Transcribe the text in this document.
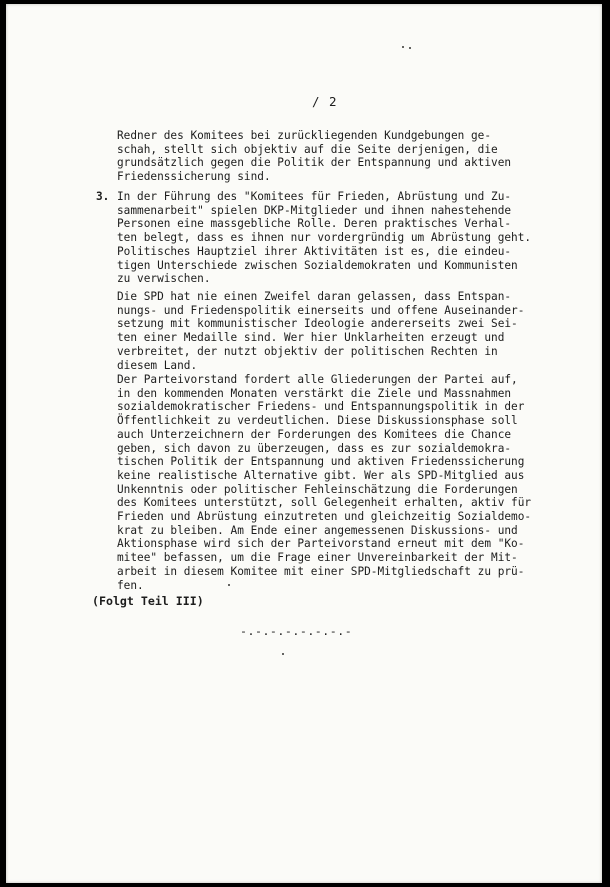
/ 2
Redner des Komitees bei zurückliegenden Kundgebungen ge-
schah, stellt sich objektiv auf die Seite derjenigen, die
grundsätzlich gegen die Politik der Entspannung und aktiven
Friedenssicherung sind.
3. In der Führung des "Komitees für Frieden, Abrüstung und Zu-
sammenarbeit" spielen DKP-Mitglieder und ihnen nahestehende
Personen eine massgebliche Rolle. Deren praktisches Verhal-
ten belegt, dass es ihnen nur vordergründig um Abrüstung geht.
Politisches Hauptziel ihrer Aktivitäten ist es, die eindeu-
tigen Unterschiede zwischen Sozialdemokraten und Kommunisten
zu verwischen.
Die SPD hat nie einen Zweifel daran gelassen, dass Entspan-
nungs- und Friedenspolitik einerseits und offene Auseinander-
setzung mit kommunistischer Ideologie andererseits zwei Sei-
ten einer Medaille sind. Wer hier Unklarheiten erzeugt und
verbreitet, der nutzt objektiv der politischen Rechten in
diesem Land.
Der Parteivorstand fordert alle Gliederungen der Partei auf,
in den kommenden Monaten verstärkt die Ziele und Massnahmen
sozialdemokratischer Friedens- und Entspannungspolitik in der
Öffentlichkeit zu verdeutlichen. Diese Diskussionsphase soll
auch Unterzeichnern der Forderungen des Komitees die Chance
geben, sich davon zu überzeugen, dass es zur sozialdemokra-
tischen Politik der Entspannung und aktiven Friedenssicherung
keine realistische Alternative gibt. Wer als SPD-Mitglied aus
Unkenntnis oder politischer Fehleinschätzung die Forderungen
des Komitees unterstützt, soll Gelegenheit erhalten, aktiv für
Frieden und Abrüstung einzutreten und gleichzeitig Sozialdemo-
krat zu bleiben. Am Ende einer angemessenen Diskussions- und
Aktionsphase wird sich der Parteivorstand erneut mit dem "Ko-
mitee" befassen, um die Frage einer Unvereinbarkeit der Mit-
arbeit in diesem Komitee mit einer SPD-Mitgliedschaft zu prü-
fen.
(Folgt Teil III)
-.-.-.-.-.-.-.-
